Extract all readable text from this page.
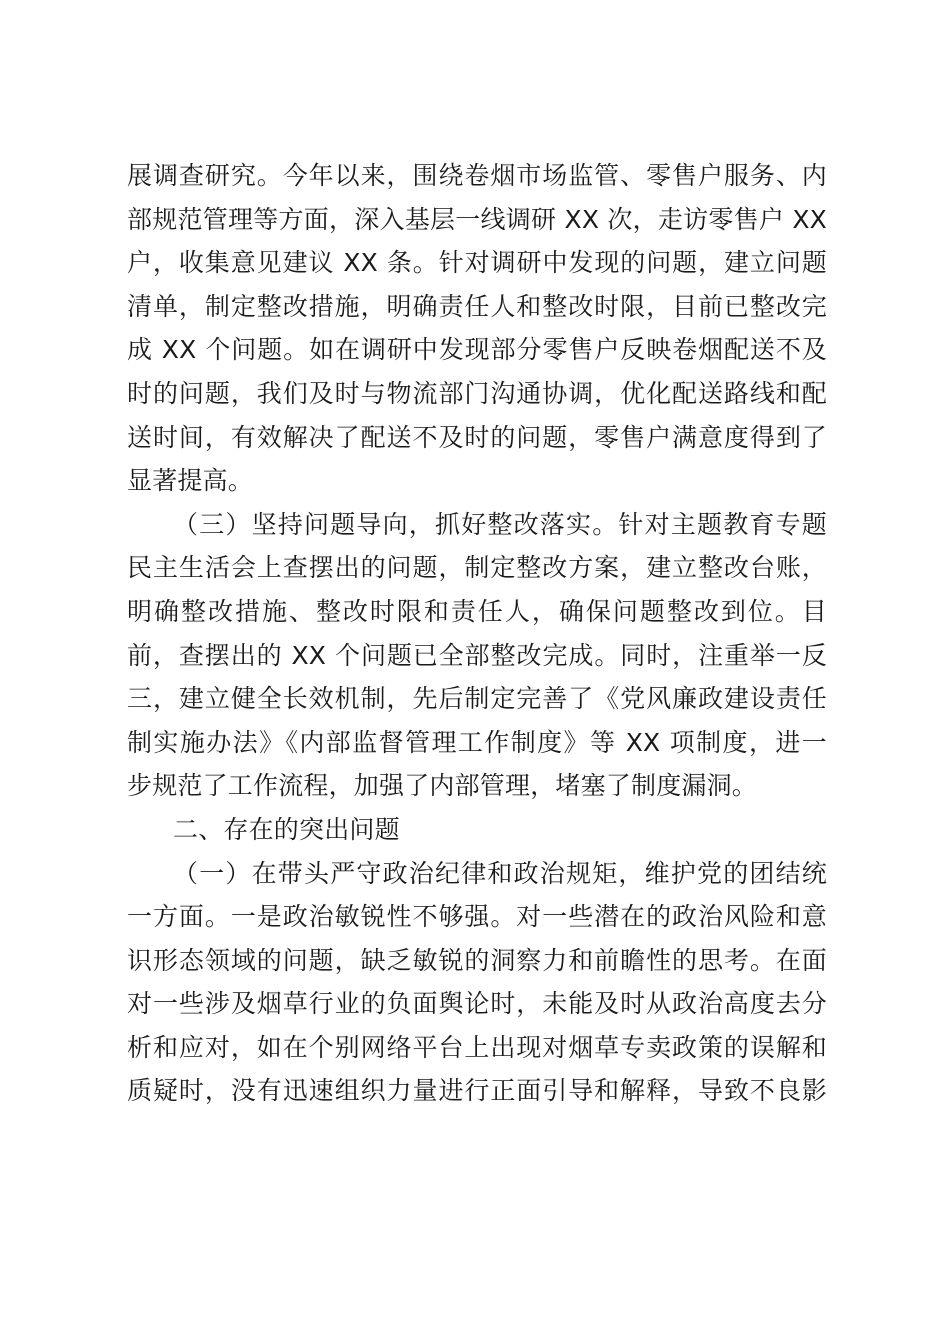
展调查研究。今年以来，围绕卷烟市场监管、零售户服务、内
部规范管理等方面，深入基层一线调研 XX 次，走访零售户 XX
户，收集意见建议 XX 条。针对调研中发现的问题，建立问题
清单，制定整改措施，明确责任人和整改时限，目前已整改完
成 XX 个问题。如在调研中发现部分零售户反映卷烟配送不及
时的问题，我们及时与物流部门沟通协调，优化配送路线和配
送时间，有效解决了配送不及时的问题，零售户满意度得到了
显著提高。
（三）坚持问题导向，抓好整改落实。针对主题教育专题
民主生活会上查摆出的问题，制定整改方案，建立整改台账，
明确整改措施、整改时限和责任人，确保问题整改到位。目
前，查摆出的 XX 个问题已全部整改完成。同时，注重举一反
三，建立健全长效机制，先后制定完善了《党风廉政建设责任
制实施办法》《内部监督管理工作制度》等 XX 项制度，进一
步规范了工作流程，加强了内部管理，堵塞了制度漏洞。
二、存在的突出问题
（一）在带头严守政治纪律和政治规矩，维护党的团结统
一方面。一是政治敏锐性不够强。对一些潜在的政治风险和意
识形态领域的问题，缺乏敏锐的洞察力和前瞻性的思考。在面
对一些涉及烟草行业的负面舆论时，未能及时从政治高度去分
析和应对，如在个别网络平台上出现对烟草专卖政策的误解和
质疑时，没有迅速组织力量进行正面引导和解释，导致不良影
